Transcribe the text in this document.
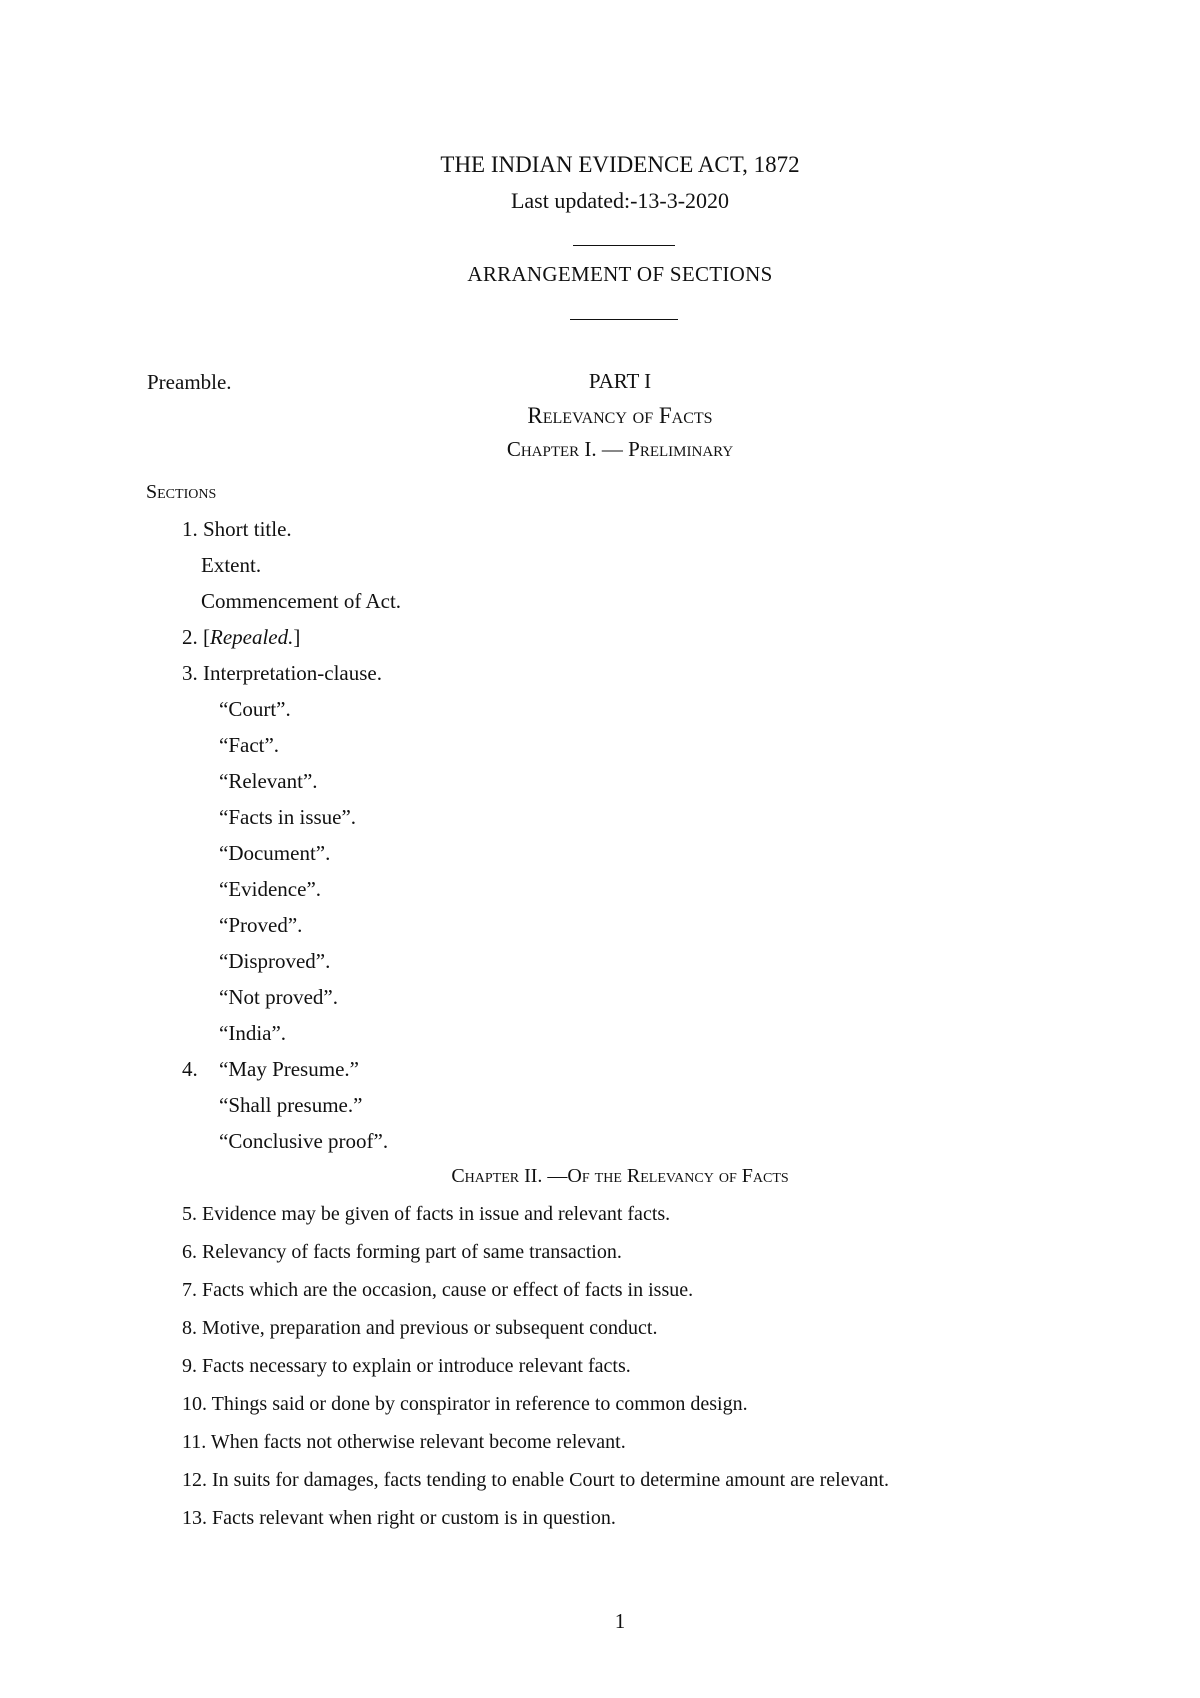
THE INDIAN EVIDENCE ACT, 1872
Last updated:-13-3-2020
ARRANGEMENT OF SECTIONS
Preamble.	PART I
Relevancy of Facts
Chapter I. — Preliminary
Sections
1. Short title.
Extent.
Commencement of Act.
2. [Repealed.]
3. Interpretation-clause.
“Court”.
“Fact”.
“Relevant”.
“Facts in issue”.
“Document”.
“Evidence”.
“Proved”.
“Disproved”.
“Not proved”.
“India”.
4. “May Presume.”
“Shall presume.”
“Conclusive proof”.
Chapter II. —Of the Relevancy of Facts
5. Evidence may be given of facts in issue and relevant facts.
6. Relevancy of facts forming part of same transaction.
7. Facts which are the occasion, cause or effect of facts in issue.
8. Motive, preparation and previous or subsequent conduct.
9. Facts necessary to explain or introduce relevant facts.
10. Things said or done by conspirator in reference to common design.
11. When facts not otherwise relevant become relevant.
12. In suits for damages, facts tending to enable Court to determine amount are relevant.
13. Facts relevant when right or custom is in question.
1
